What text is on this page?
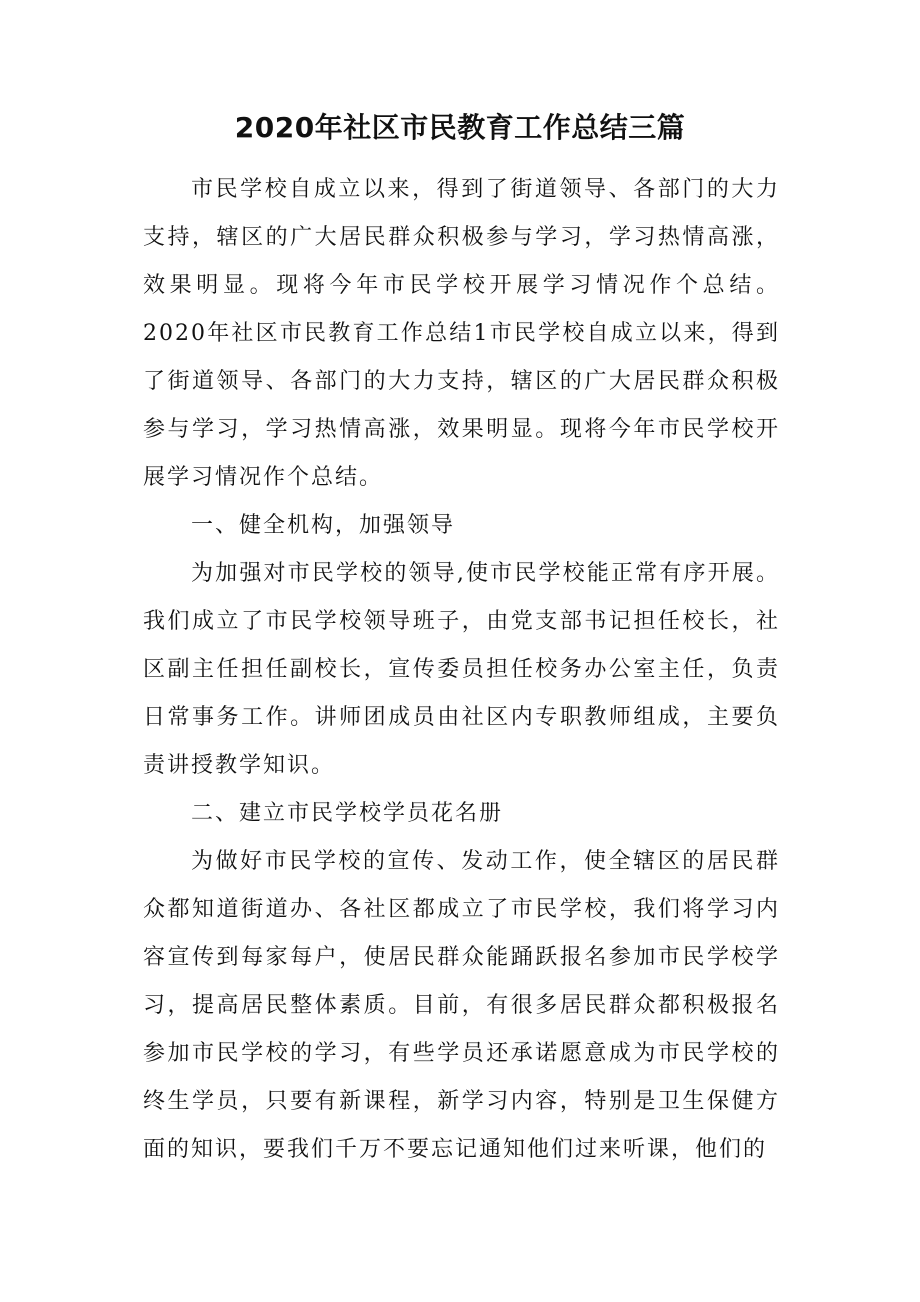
2020年社区市民教育工作总结三篇

市民学校自成立以来，得到了街道领导、各部门的大力支持，辖区的广大居民群众积极参与学习，学习热情高涨，效果明显。现将今年市民学校开展学习情况作个总结。2020年社区市民教育工作总结1市民学校自成立以来，得到了街道领导、各部门的大力支持，辖区的广大居民群众积极参与学习，学习热情高涨，效果明显。现将今年市民学校开展学习情况作个总结。

一、健全机构，加强领导

为加强对市民学校的领导,使市民学校能正常有序开展。我们成立了市民学校领导班子，由党支部书记担任校长，社区副主任担任副校长，宣传委员担任校务办公室主任，负责日常事务工作。讲师团成员由社区内专职教师组成，主要负责讲授教学知识。

二、建立市民学校学员花名册

为做好市民学校的宣传、发动工作，使全辖区的居民群众都知道街道办、各社区都成立了市民学校，我们将学习内容宣传到每家每户，使居民群众能踊跃报名参加市民学校学习，提高居民整体素质。目前，有很多居民群众都积极报名参加市民学校的学习，有些学员还承诺愿意成为市民学校的终生学员，只要有新课程，新学习内容，特别是卫生保健方面的知识，要我们千万不要忘记通知他们过来听课，他们的
